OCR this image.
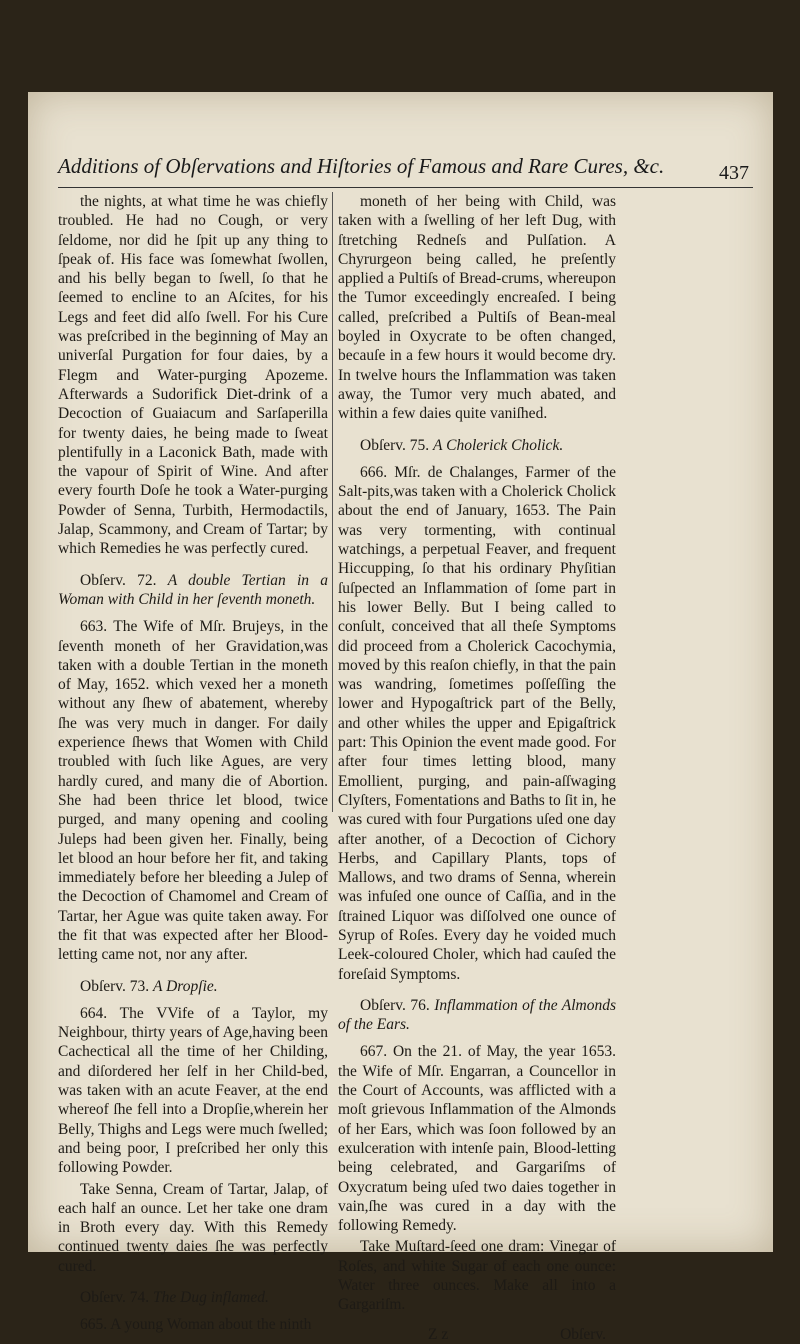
Additions of Obſervations and Hiſtories of Famous and Rare Cures, &c.	437

the nights, at what time he was chiefly troubled. He had no Cough, or very ſeldome, nor did he ſpit up any thing to ſpeak of. His face was ſomewhat ſwollen, and his belly began to ſwell, ſo that he ſeemed to encline to an Aſcites, for his Legs and feet did alſo ſwell. For his Cure was preſcribed in the beginning of May an univerſal Purgation for four daies, by a Flegm and Water-purging Apozeme. Afterwards a Sudorifick Diet-drink of a Decoction of Guaiacum and Sarſaperilla for twenty daies, he being made to ſweat plentifully in a Laconick Bath, made with the vapour of Spirit of Wine. And after every fourth Doſe he took a Water-purging Powder of Senna, Turbith, Hermodactils, Jalap, Scammony, and Cream of Tartar; by which Remedies he was perfectly cured.

Obſerv. 72. A double Tertian in a Woman with Child in her ſeventh moneth.

663. The Wife of Mſr. Brujeys, in the ſeventh moneth of her Gravidation,was taken with a double Tertian in the moneth of May, 1652. which vexed her a moneth without any ſhew of abatement, whereby ſhe was very much in danger. For daily experience ſhews that Women with Child troubled with ſuch like Agues, are very hardly cured, and many die of Abortion. She had been thrice let blood, twice purged, and many opening and cooling Juleps had been given her. Finally, being let blood an hour before her fit, and taking immediately before her bleeding a Julep of the Decoction of Chamomel and Cream of Tartar, her Ague was quite taken away. For the fit that was expected after her Blood-letting came not, nor any after.

Obſerv. 73. A Dropſie.

664. The VVife of a Taylor, my Neighbour, thirty years of Age,having been Cachectical all the time of her Childing, and diſordered her ſelf in her Child-bed, was taken with an acute Feaver, at the end whereof ſhe fell into a Dropſie,wherein her Belly, Thighs and Legs were much ſwelled; and being poor, I preſcribed her only this following Powder.

Take Senna, Cream of Tartar, Jalap, of each half an ounce. Let her take one dram in Broth every day. With this Remedy continued twenty daies ſhe was perfectly cured.

Obſerv. 74. The Dug inflamed.

665. A young Woman about the ninth

moneth of her being with Child, was taken with a ſwelling of her left Dug, with ſtretching Redneſs and Pulſation. A Chyrurgeon being called, he preſently applied a Pultiſs of Bread-crums, whereupon the Tumor exceedingly encreaſed. I being called, preſcribed a Pultiſs of Bean-meal boyled in Oxycrate to be often changed, becauſe in a few hours it would become dry. In twelve hours the Inflammation was taken away, the Tumor very much abated, and within a few daies quite vaniſhed.

Obſerv. 75. A Cholerick Cholick.

666. Mſr. de Chalanges, Farmer of the Salt-pits,was taken with a Cholerick Cholick about the end of January, 1653. The Pain was very tormenting, with continual watchings, a perpetual Feaver, and frequent Hiccupping, ſo that his ordinary Phyſitian ſuſpected an Inflammation of ſome part in his lower Belly. But I being called to conſult, conceived that all theſe Symptoms did proceed from a Cholerick Cacochymia, moved by this reaſon chiefly, in that the pain was wandring, ſometimes poſſeſſing the lower and Hypogaſtrick part of the Belly, and other whiles the upper and Epigaſtrick part: This Opinion the event made good. For after four times letting blood, many Emollient, purging, and pain-aſſwaging Clyſters, Fomentations and Baths to ſit in, he was cured with four Purgations uſed one day after another, of a Decoction of Cichory Herbs, and Capillary Plants, tops of Mallows, and two drams of Senna, wherein was infuſed one ounce of Caſſia, and in the ſtrained Liquor was diſſolved one ounce of Syrup of Roſes. Every day he voided much Leek-coloured Choler, which had cauſed the foreſaid Symptoms.

Obſerv. 76. Inflammation of the Almonds of the Ears.

667. On the 21. of May, the year 1653. the Wife of Mſr. Engarran, a Councellor in the Court of Accounts, was afflicted with a moſt grievous Inflammation of the Almonds of her Ears, which was ſoon followed by an exulceration with intenſe pain, Blood-letting being celebrated, and Gargariſms of Oxycratum being uſed two daies together in vain,ſhe was cured in a day with the following Remedy.

Take Muſtard-ſeed one dram: Vinegar of Roſes, and white Sugar of each one ounce: Water three ounces. Make all into a Gargariſm.

Z z	Obſerv.
